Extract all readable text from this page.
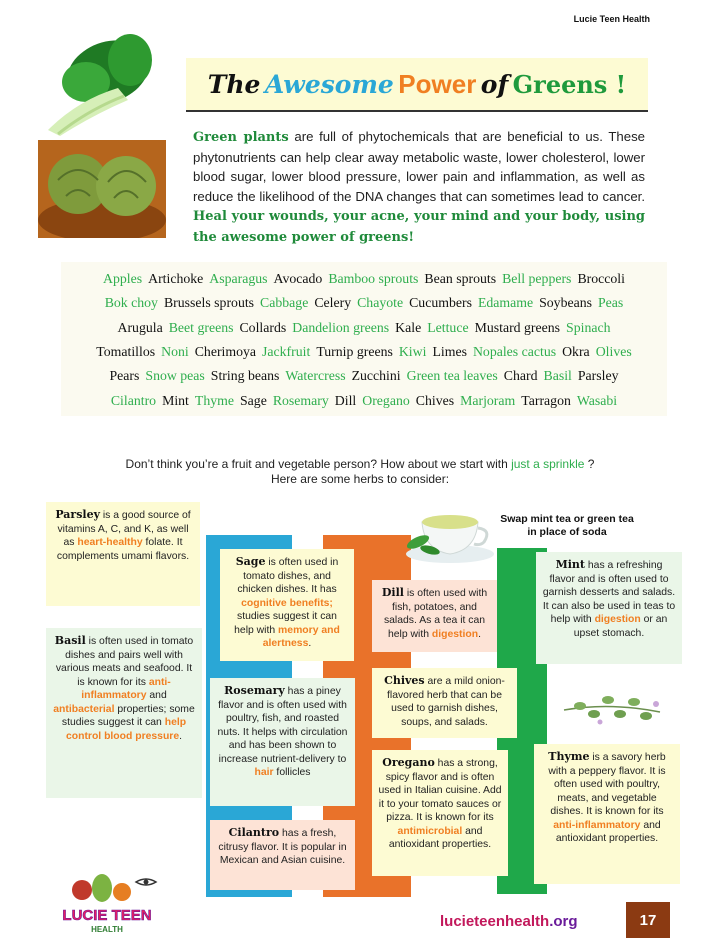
Lucie Teen Health
The
Awesome
Power
of
Greens !
Green plants are full of phytochemicals that are beneficial to us. These phytonutrients can help clear away metabolic waste, lower cholesterol, lower blood sugar, lower blood pressure, lower pain and inflammation, as well as reduce the likelihood of the DNA changes that can sometimes lead to cancer. Heal your wounds, your acne, your mind and your body, using the awesome power of greens!
Apples Artichoke Asparagus Avocado Bamboo sprouts Bean sprouts Bell peppers Broccoli
Bok choy Brussels sprouts Cabbage Celery Chayote Cucumbers Edamame Soybeans Peas
Arugula Beet greens Collards Dandelion greens Kale Lettuce Mustard greens Spinach
Tomatillos Noni Cherimoya Jackfruit Turnip greens Kiwi Limes Nopales cactus Okra Olives
Pears Snow peas String beans Watercress Zucchini Green tea leaves Chard Basil Parsley
Cilantro Mint Thyme Sage Rosemary Dill Oregano Chives Marjoram Tarragon Wasabi
Don’t think you’re a fruit and vegetable person? How about we start with just a sprinkle ?
Here are some herbs to consider:
Swap mint tea or green tea in place of soda
Parsley is a good source of vitamins A, C, and K, as well as heart-healthy folate. It complements umami flavors.
Basil is often used in tomato dishes and pairs well with various meats and seafood. It is known for its anti-inflammatory and antibacterial properties; some studies suggest it can help control blood pressure.
Sage is often used in tomato dishes, and chicken dishes. It has cognitive benefits; studies suggest it can help with memory and alertness.
Rosemary has a piney flavor and is often used with poultry, fish, and roasted nuts. It helps with circulation and has been shown to increase nutrient-delivery to hair follicles
Cilantro has a fresh, citrusy flavor. It is popular in Mexican and Asian cuisine.
Dill is often used with fish, potatoes, and salads. As a tea it can help with digestion.
Chives are a mild onion-flavored herb that can be used to garnish dishes, soups, and salads.
Oregano has a strong, spicy flavor and is often used in Italian cuisine. Add it to your tomato sauces or pizza. It is known for its antimicrobial and antioxidant properties.
Mint has a refreshing flavor and is often used to garnish desserts and salads. It can also be used in teas to help with digestion or an upset stomach.
Thyme is a savory herb with a peppery flavor. It is often used with poultry, meats, and vegetable dishes. It is known for its anti-inflammatory and antioxidant properties.
LUCIE TEEN
HEALTH	lucieteenhealth.org	17
